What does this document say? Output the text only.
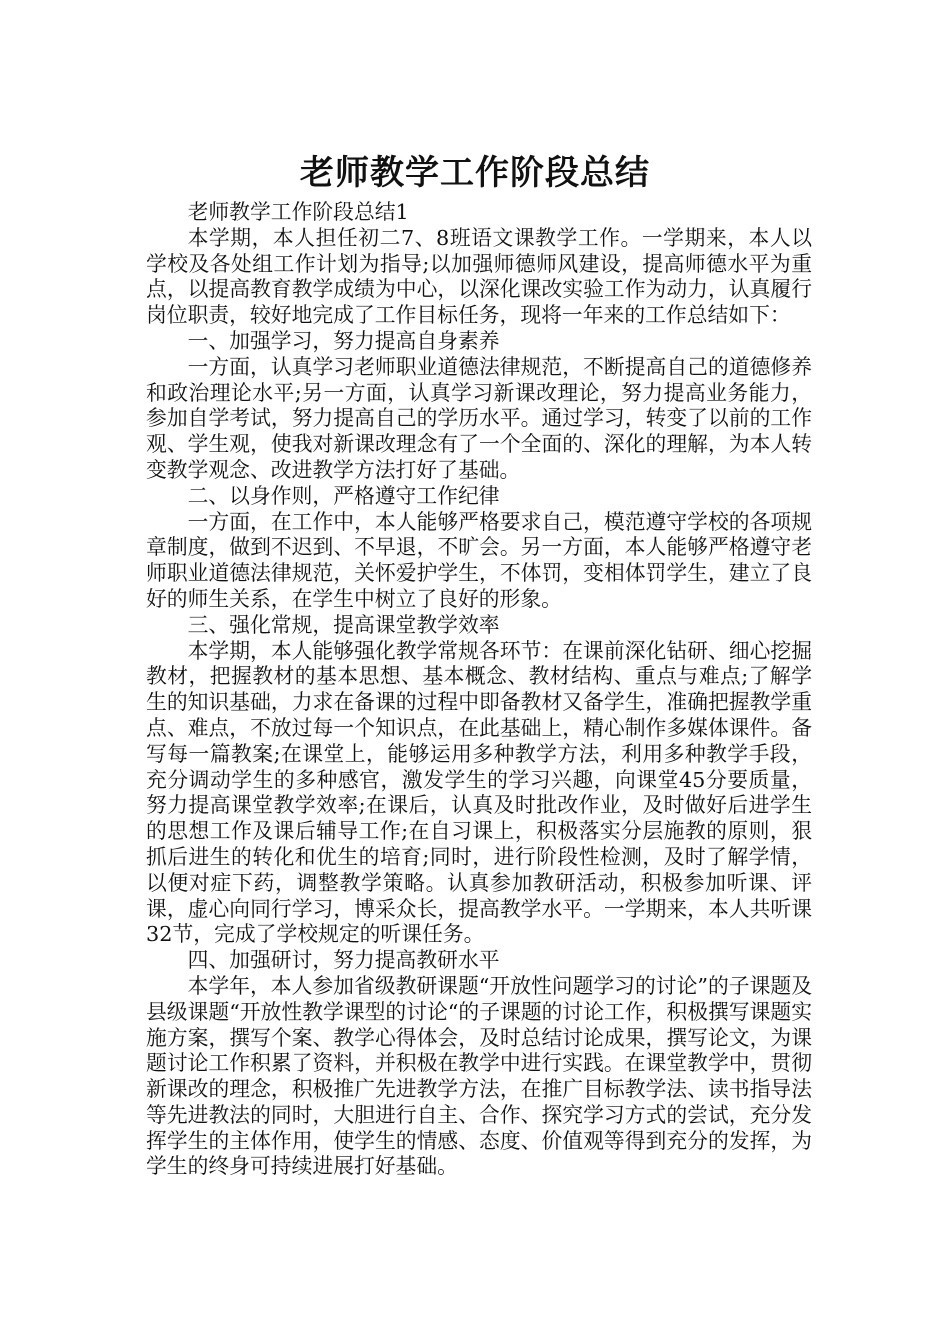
老师教学工作阶段总结

老师教学工作阶段总结1

本学期，本人担任初二7、8班语文课教学工作。一学期来，本人以学校及各处组工作计划为指导;以加强师德师风建设，提高师德水平为重点，以提高教育教学成绩为中心，以深化课改实验工作为动力，认真履行岗位职责，较好地完成了工作目标任务，现将一年来的工作总结如下：

一、加强学习，努力提高自身素养

一方面，认真学习老师职业道德法律规范，不断提高自己的道德修养和政治理论水平;另一方面，认真学习新课改理论，努力提高业务能力，参加自学考试，努力提高自己的学历水平。通过学习，转变了以前的工作观、学生观，使我对新课改理念有了一个全面的、深化的理解，为本人转变教学观念、改进教学方法打好了基础。

二、以身作则，严格遵守工作纪律

一方面，在工作中，本人能够严格要求自己，模范遵守学校的各项规章制度，做到不迟到、不早退，不旷会。另一方面，本人能够严格遵守老师职业道德法律规范，关怀爱护学生，不体罚，变相体罚学生，建立了良好的师生关系，在学生中树立了良好的形象。

三、强化常规，提高课堂教学效率

本学期，本人能够强化教学常规各环节：在课前深化钻研、细心挖掘教材，把握教材的基本思想、基本概念、教材结构、重点与难点;了解学生的知识基础，力求在备课的过程中即备教材又备学生，准确把握教学重点、难点，不放过每一个知识点，在此基础上，精心制作多媒体课件。备写每一篇教案;在课堂上，能够运用多种教学方法，利用多种教学手段，充分调动学生的多种感官，激发学生的学习兴趣，向课堂45分要质量，努力提高课堂教学效率;在课后，认真及时批改作业，及时做好后进学生的思想工作及课后辅导工作;在自习课上，积极落实分层施教的原则，狠抓后进生的转化和优生的培育;同时，进行阶段性检测，及时了解学情，以便对症下药，调整教学策略。认真参加教研活动，积极参加听课、评课，虚心向同行学习，博采众长，提高教学水平。一学期来，本人共听课32节，完成了学校规定的听课任务。

四、加强研讨，努力提高教研水平

本学年，本人参加省级教研课题“开放性问题学习的讨论”的子课题及县级课题“开放性教学课型的讨论“的子课题的讨论工作，积极撰写课题实施方案，撰写个案、教学心得体会，及时总结讨论成果，撰写论文，为课题讨论工作积累了资料，并积极在教学中进行实践。在课堂教学中，贯彻新课改的理念，积极推广先进教学方法，在推广目标教学法、读书指导法等先进教法的同时，大胆进行自主、合作、探究学习方式的尝试，充分发挥学生的主体作用，使学生的情感、态度、价值观等得到充分的发挥，为学生的终身可持续进展打好基础。
